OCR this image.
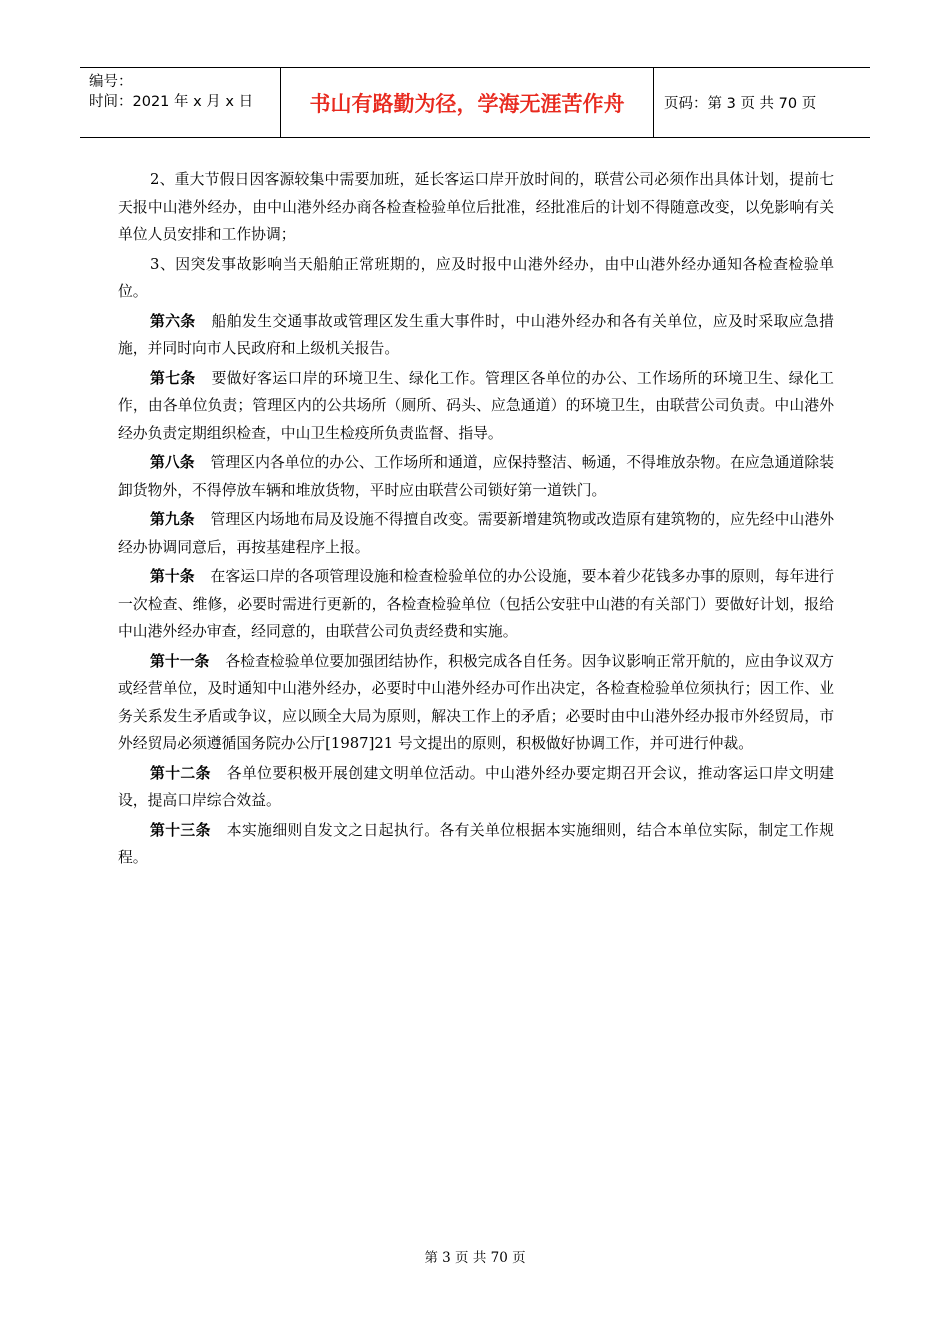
编号：
时间：2021 年 x 月 x 日	书山有路勤为径，学海无涯苦作舟	页码：第 3 页 共 70 页

2、重大节假日因客源较集中需要加班，延长客运口岸开放时间的，联营公司必须作出具体计划，提前七天报中山港外经办，由中山港外经办商各检查检验单位后批准，经批准后的计划不得随意改变，以免影响有关单位人员安排和工作协调；

3、因突发事故影响当天船舶正常班期的，应及时报中山港外经办，由中山港外经办通知各检查检验单位。

第六条 船舶发生交通事故或管理区发生重大事件时，中山港外经办和各有关单位，应及时采取应急措施，并同时向市人民政府和上级机关报告。

第七条 要做好客运口岸的环境卫生、绿化工作。管理区各单位的办公、工作场所的环境卫生、绿化工作，由各单位负责；管理区内的公共场所（厕所、码头、应急通道）的环境卫生，由联营公司负责。中山港外经办负责定期组织检查，中山卫生检疫所负责监督、指导。

第八条 管理区内各单位的办公、工作场所和通道，应保持整洁、畅通，不得堆放杂物。在应急通道除装卸货物外，不得停放车辆和堆放货物，平时应由联营公司锁好第一道铁门。

第九条 管理区内场地布局及设施不得擅自改变。需要新增建筑物或改造原有建筑物的，应先经中山港外经办协调同意后，再按基建程序上报。

第十条 在客运口岸的各项管理设施和检查检验单位的办公设施，要本着少花钱多办事的原则，每年进行一次检查、维修，必要时需进行更新的，各检查检验单位（包括公安驻中山港的有关部门）要做好计划，报给中山港外经办审查，经同意的，由联营公司负责经费和实施。

第十一条 各检查检验单位要加强团结协作，积极完成各自任务。因争议影响正常开航的，应由争议双方或经营单位，及时通知中山港外经办，必要时中山港外经办可作出决定，各检查检验单位须执行；因工作、业务关系发生矛盾或争议，应以顾全大局为原则，解决工作上的矛盾；必要时由中山港外经办报市外经贸局，市外经贸局必须遵循国务院办公厅[1987]21 号文提出的原则，积极做好协调工作，并可进行仲裁。

第十二条 各单位要积极开展创建文明单位活动。中山港外经办要定期召开会议，推动客运口岸文明建设，提高口岸综合效益。

第十三条 本实施细则自发文之日起执行。各有关单位根据本实施细则，结合本单位实际，制定工作规程。

第 3 页 共 70 页
